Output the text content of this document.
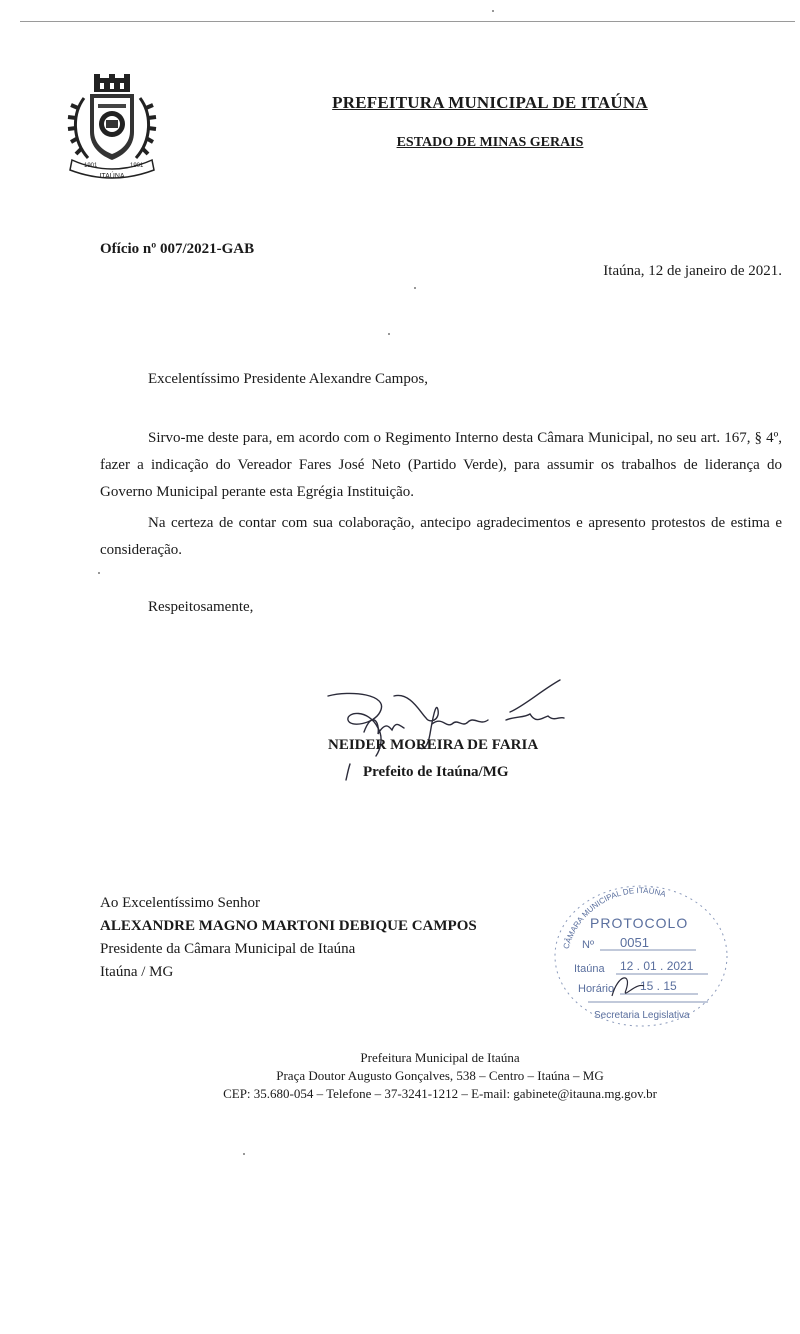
1901	1901
ITAÚNA
PREFEITURA MUNICIPAL DE ITAÚNA
ESTADO DE MINAS GERAIS
Ofício nº 007/2021-GAB
Itaúna, 12 de janeiro de 2021.
Excelentíssimo Presidente Alexandre Campos,
Sirvo-me deste para, em acordo com o Regimento Interno desta Câmara Municipal, no seu art. 167, § 4º, fazer a indicação do Vereador Fares José Neto (Partido Verde), para assumir os trabalhos de liderança do Governo Municipal perante esta Egrégia Instituição.
Na certeza de contar com sua colaboração, antecipo agradecimentos e apresento protestos de estima e consideração.
Respeitosamente,
NEIDER MOREIRA DE FARIA
Prefeito de Itaúna/MG
Ao Excelentíssimo Senhor
ALEXANDRE MAGNO MARTONI DEBIQUE CAMPOS
Presidente da Câmara Municipal de Itaúna
Itaúna / MG
CÂMARA MUNICIPAL DE ITAÚNA
PROTOCOLO
Nº 0051
Itaúna 12 . 01 . 2021
Horário 15 . 15
Secretaria Legislativa
Prefeitura Municipal de Itaúna
Praça Doutor Augusto Gonçalves, 538 – Centro – Itaúna – MG
CEP: 35.680-054 – Telefone – 37-3241-1212 – E-mail: gabinete@itauna.mg.gov.br
